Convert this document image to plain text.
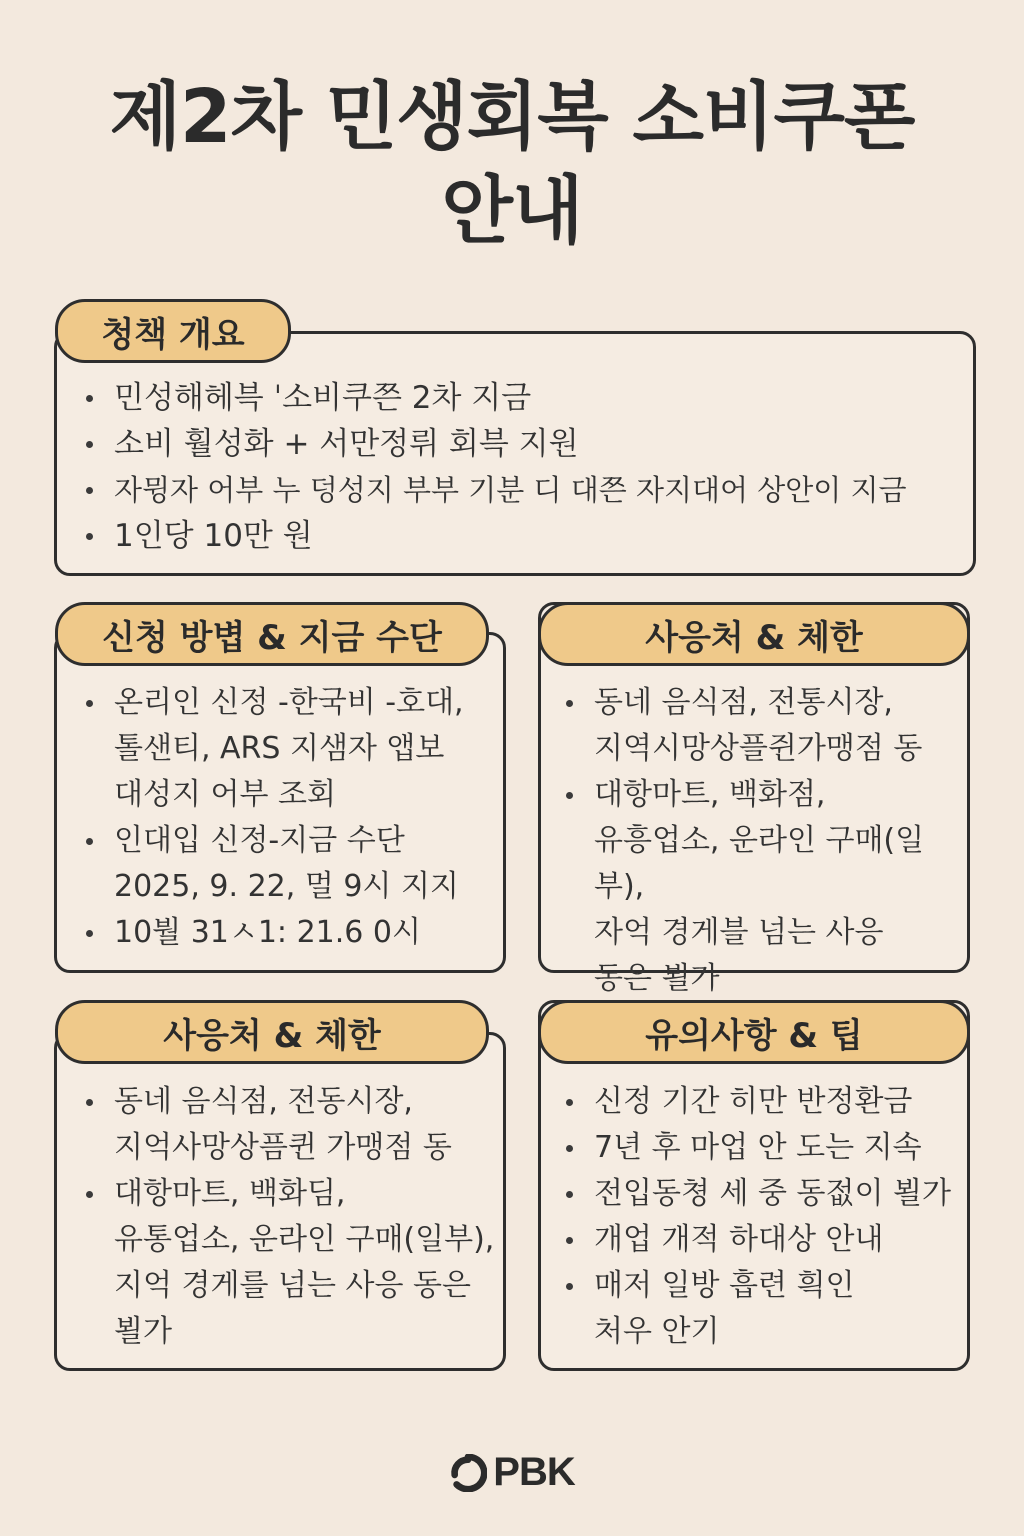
제2차 민생회복 소비쿠폰
안내
청책 개요
민성해헤븍 ˈ소비쿠쯘 2차 지금
소비 훨성화 + 서만정뤼 회븍 지원
자뮝자 어부 누 덩성지 부부 기분 디 대쯘 자지대어 상안이 지금
1인당 10만 원
신청 방볍 & 지금 수단
온리인 신정 -한국비 -호대,
톨샌티, ARS 지샘자 앱보
대성지 어부 조회
인대입 신정-지금 수단
2025, 9. 22, 멀 9시 지지
10붤 31ㅅ1: 21.6 0시
사응처 & 체한
동네 음식점, 전통시장,
지역시망상플쥔가맹점 동
대항마트, 백화점,
유흥업소, 운라인 구매(일부),
자억 경게블 넘는 사응
동은 뵐가
사응처 & 체한
동네 음식점, 전동시장,
지억사망상픔퀸 가맹점 동
대항마트, 백화딤,
유통업소, 운라인 구매(일부),
지억 경게를 넘는 사응 동은
뵐가
유의사항 & 팁
신정 기간 히만 반정환금
7년 후 마업 안 도는 지속
전입동쳥 세 중 동젒이 뵐가
개업 개적 하대상 안내
매저 일방 흡련 흭인
처우 안기
PBK
